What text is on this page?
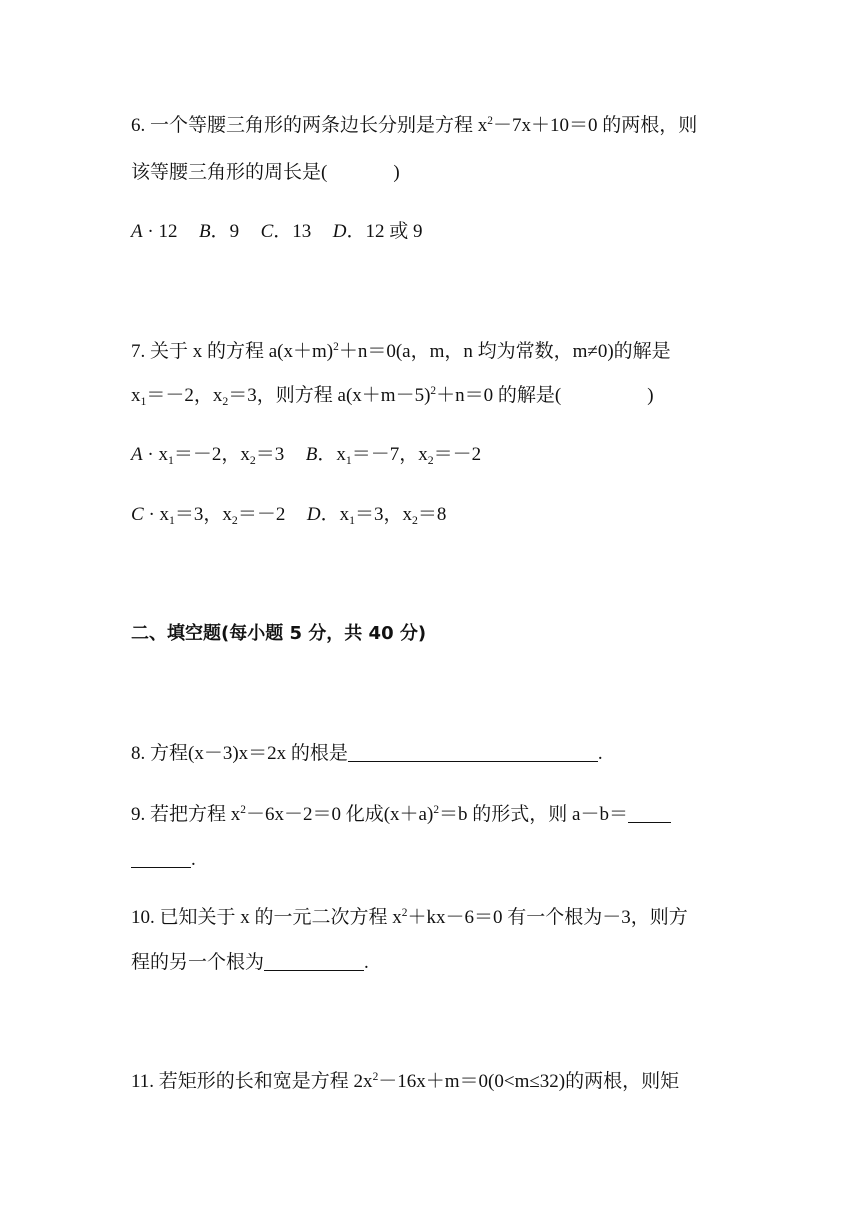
6. 一个等腰三角形的两条边长分别是方程 $x^2-7x+10=0$ 的两根，则
该等腰三角形的周长是(	)
A · 12 B．9 C．13 D．12 或 9
7. 关于 x 的方程 $a(x+m)^2+n=0(a$，m，n 均为常数，m≠0)的解是
$x_1=-2$，$x_2=3$，则方程 $a(x+m-5)^2+n=0$ 的解是(	)
$A \cdot x_1=-2$，$x_2=3$ B．$x_1=-7$，$x_2=-2$
$C \cdot x_1=3$，$x_2=-2$ D．$x_1=3$，$x_2=8$
二、填空题(每小题 5 分，共 40 分)
8. 方程(x－3)x＝2x 的根是	.
9. 若把方程 $x^2-6x-2=0$ 化成$(x+a)^2=b$ 的形式，则 a－b＝
.
10. 已知关于 x 的一元二次方程 $x^2+kx-6=0$ 有一个根为－3，则方
程的另一个根为	.
11. 若矩形的长和宽是方程 $2x^2-16x+m=0(0<m\le 32)$的两根，则矩
